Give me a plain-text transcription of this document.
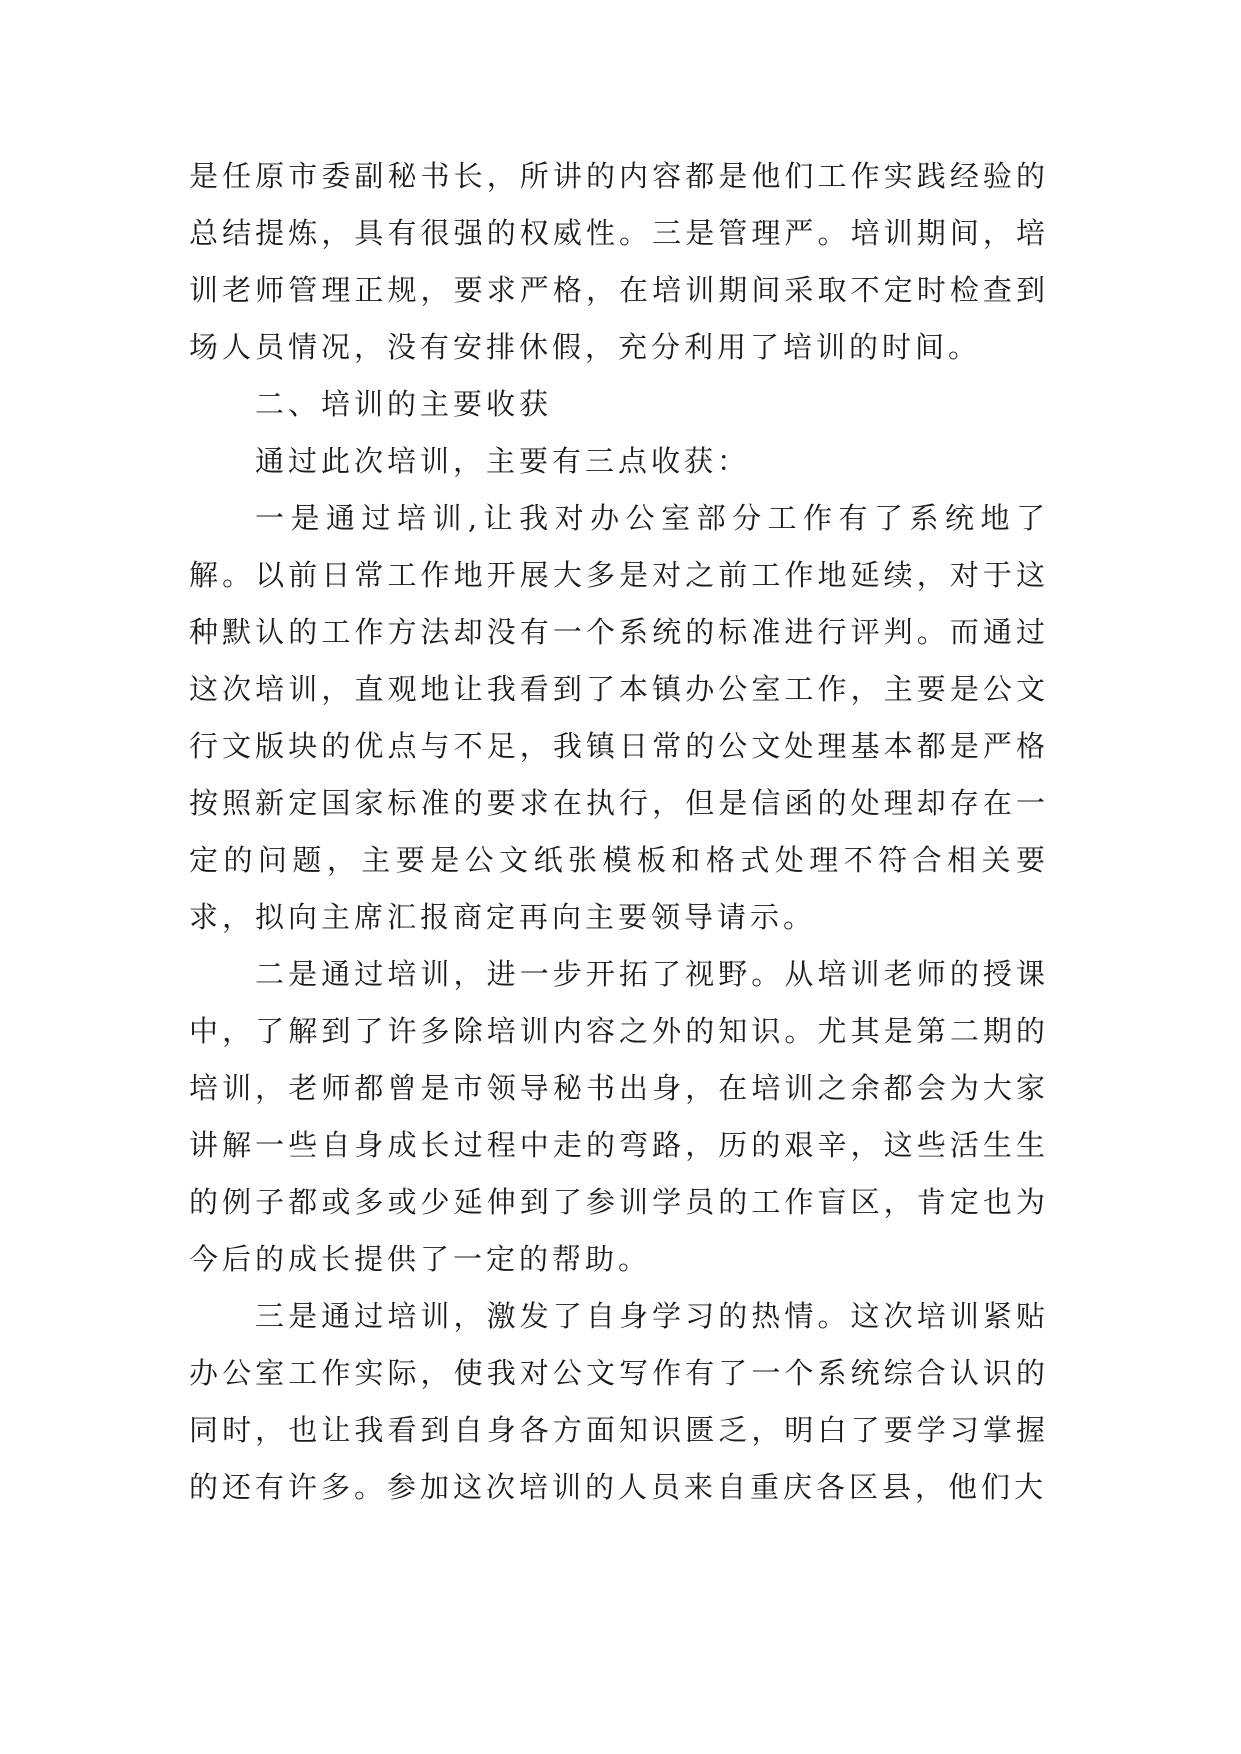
是任原市委副秘书长，所讲的内容都是他们工作实践经验的总结提炼，具有很强的权威性。三是管理严。培训期间，培训老师管理正规，要求严格，在培训期间采取不定时检查到场人员情况，没有安排休假，充分利用了培训的时间。

二、培训的主要收获

通过此次培训，主要有三点收获：

一是通过培训,让我对办公室部分工作有了系统地了解。以前日常工作地开展大多是对之前工作地延续，对于这种默认的工作方法却没有一个系统的标准进行评判。而通过这次培训，直观地让我看到了本镇办公室工作，主要是公文行文版块的优点与不足，我镇日常的公文处理基本都是严格按照新定国家标准的要求在执行，但是信函的处理却存在一定的问题，主要是公文纸张模板和格式处理不符合相关要求，拟向主席汇报商定再向主要领导请示。

二是通过培训，进一步开拓了视野。从培训老师的授课中，了解到了许多除培训内容之外的知识。尤其是第二期的培训，老师都曾是市领导秘书出身，在培训之余都会为大家讲解一些自身成长过程中走的弯路，历的艰辛，这些活生生的例子都或多或少延伸到了参训学员的工作盲区，肯定也为今后的成长提供了一定的帮助。

三是通过培训，激发了自身学习的热情。这次培训紧贴办公室工作实际，使我对公文写作有了一个系统综合认识的同时，也让我看到自身各方面知识匮乏，明白了要学习掌握的还有许多。参加这次培训的人员来自重庆各区县，他们大
